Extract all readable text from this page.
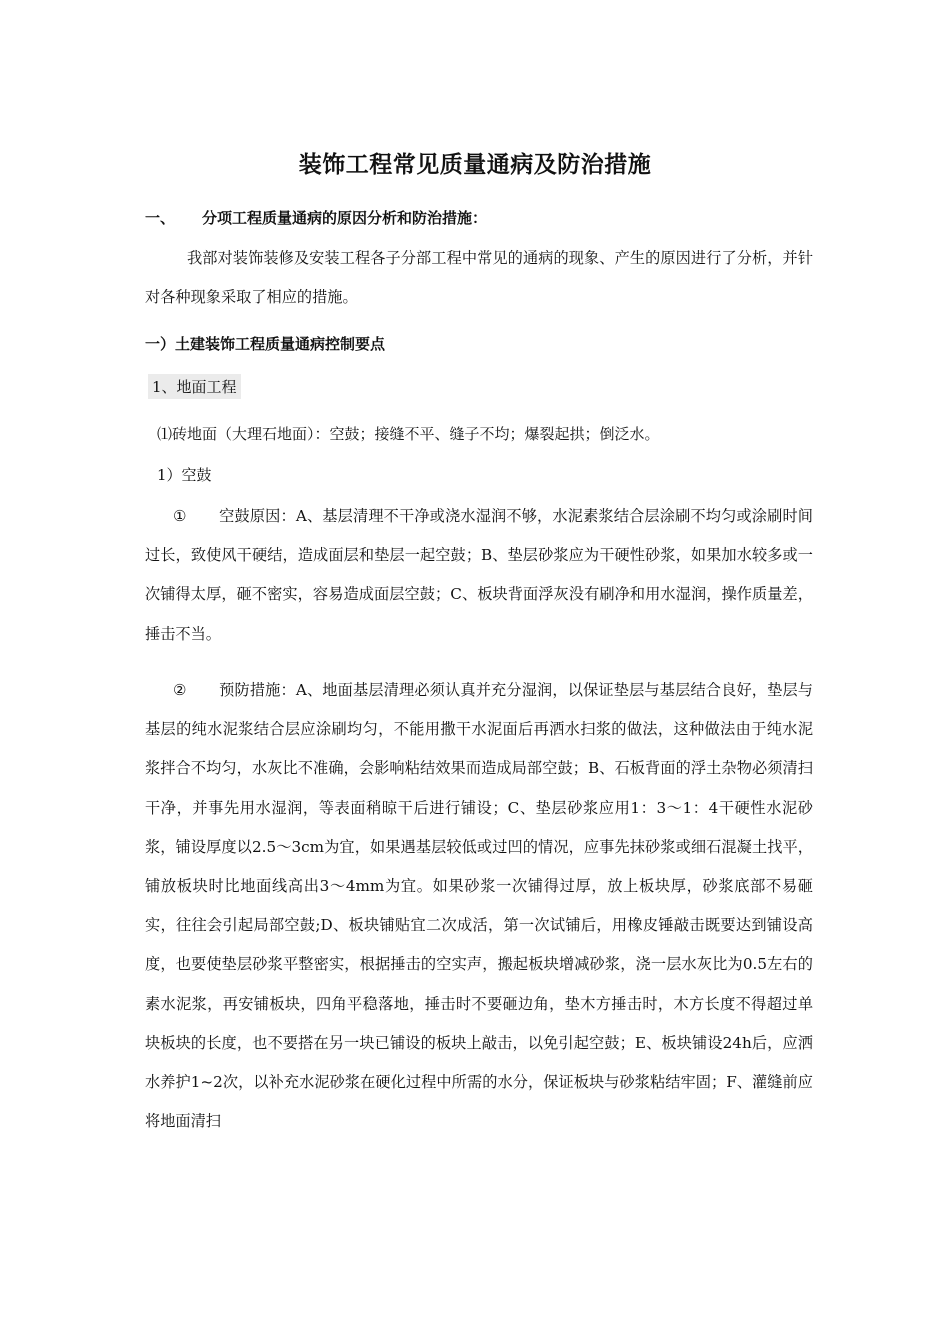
装饰工程常见质量通病及防治措施
一、	分项工程质量通病的原因分析和防治措施：

我部对装饰装修及安装工程各子分部工程中常见的通病的现象、产生的原因进行了分析，并针对各种现象采取了相应的措施。

一）土建装饰工程质量通病控制要点
1、地面工程
⑴砖地面（大理石地面）：空鼓；接缝不平、缝子不均；爆裂起拱；倒泛水。
1）空鼓

① 空鼓原因：A、基层清理不干净或浇水湿润不够，水泥素浆结合层涂刷不均匀或涂刷时间过长，致使风干硬结，造成面层和垫层一起空鼓；B、垫层砂浆应为干硬性砂浆，如果加水较多或一次铺得太厚，砸不密实，容易造成面层空鼓；C、板块背面浮灰没有刷净和用水湿润，操作质量差，捶击不当。

② 预防措施：A、地面基层清理必须认真并充分湿润，以保证垫层与基层结合良好，垫层与基层的纯水泥浆结合层应涂刷均匀，不能用撒干水泥面后再洒水扫浆的做法，这种做法由于纯水泥浆拌合不均匀，水灰比不准确，会影响粘结效果而造成局部空鼓；B、石板背面的浮土杂物必须清扫干净，并事先用水湿润，等表面稍晾干后进行铺设；C、垫层砂浆应用1：3～1：4干硬性水泥砂浆，铺设厚度以2.5～3cm为宜，如果遇基层较低或过凹的情况，应事先抹砂浆或细石混凝土找平，铺放板块时比地面线高出3～4mm为宜。如果砂浆一次铺得过厚，放上板块厚，砂浆底部不易砸实，往往会引起局部空鼓;D、板块铺贴宜二次成活，第一次试铺后，用橡皮锤敲击既要达到铺设高度，也要使垫层砂浆平整密实，根据捶击的空实声，搬起板块增减砂浆，浇一层水灰比为0.5左右的素水泥浆，再安铺板块，四角平稳落地，捶击时不要砸边角，垫木方捶击时，木方长度不得超过单块板块的长度，也不要搭在另一块已铺设的板块上敲击，以免引起空鼓；E、板块铺设24h后，应洒水养护1~2次，以补充水泥砂浆在硬化过程中所需的水分，保证板块与砂浆粘结牢固；F、灌缝前应将地面清扫
